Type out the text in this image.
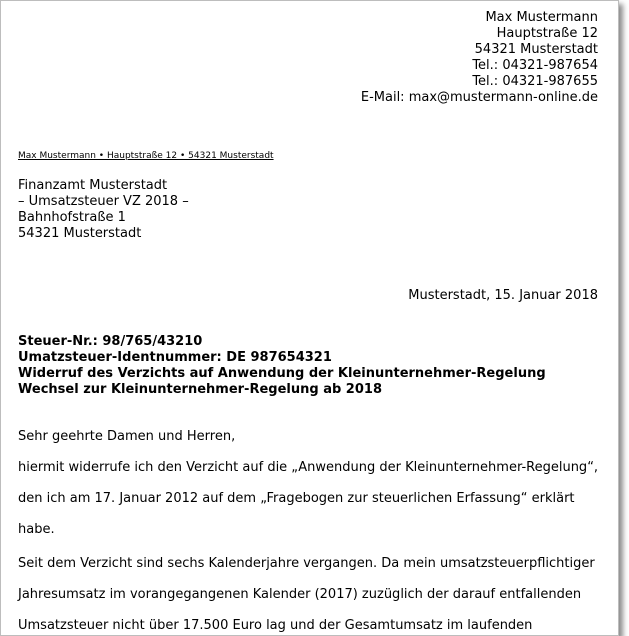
Max Mustermann
Hauptstraße 12
54321 Musterstadt
Tel.: 04321-987654
Tel.: 04321-987655
E-Mail: max@mustermann-online.de
Max Mustermann • Hauptstraße 12 • 54321 Musterstadt
Finanzamt Musterstadt
– Umsatzsteuer VZ 2018 –
Bahnhofstraße 1
54321 Musterstadt
Musterstadt, 15. Januar 2018
Steuer-Nr.: 98/765/43210
Umatzsteuer-Identnummer: DE 987654321
Widerruf des Verzichts auf Anwendung der Kleinunternehmer-Regelung
Wechsel zur Kleinunternehmer-Regelung ab 2018
Sehr geehrte Damen und Herren,
hiermit widerrufe ich den Verzicht auf die „Anwendung der Kleinunternehmer-Regelung“,
den ich am 17. Januar 2012 auf dem „Fragebogen zur steuerlichen Erfassung“ erklärt
habe.
Seit dem Verzicht sind sechs Kalenderjahre vergangen. Da mein umsatzsteuerpflichtiger
Jahresumsatz im vorangegangenen Kalender (2017) zuzüglich der darauf entfallenden
Umsatzsteuer nicht über 17.500 Euro lag und der Gesamtumsatz im laufenden
